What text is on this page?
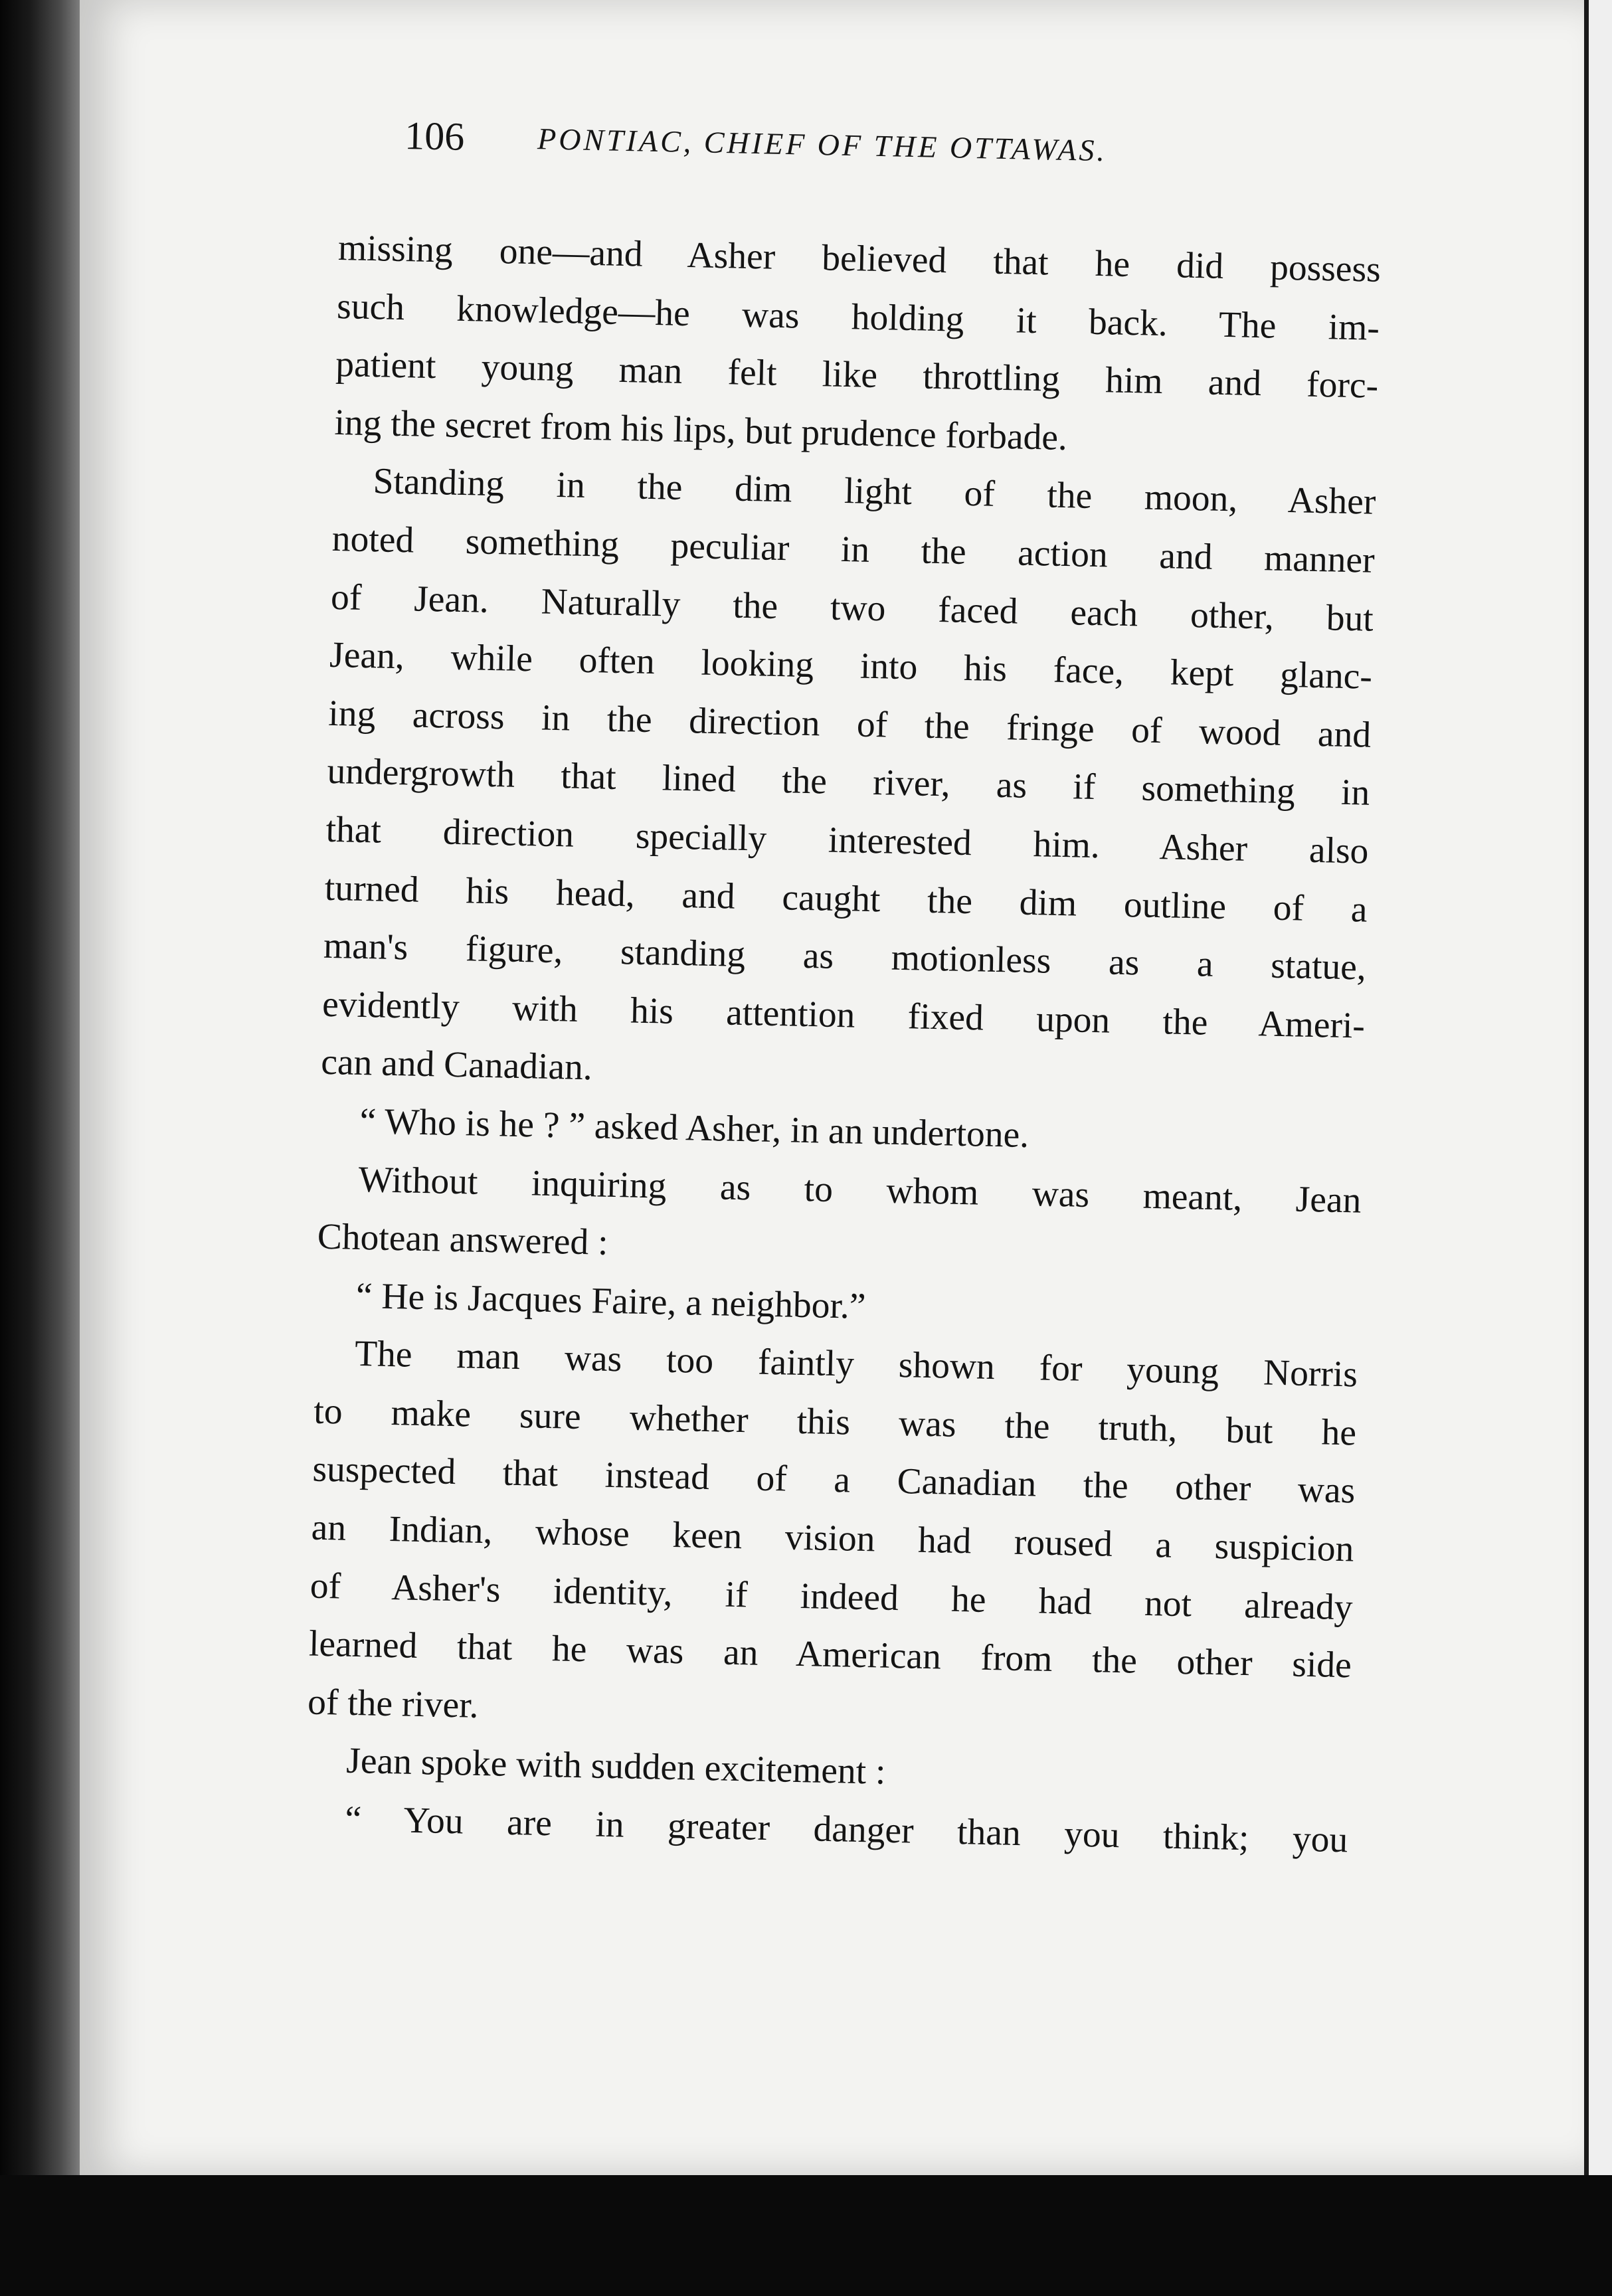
106 PONTIAC, CHIEF OF THE OTTAWAS.
missing one—and Asher believed that he did possess
such knowledge—he was holding it back. The im-
patient young man felt like throttling him and forc-
ing the secret from his lips, but prudence forbade.
Standing in the dim light of the moon, Asher
noted something peculiar in the action and manner
of Jean. Naturally the two faced each other, but
Jean, while often looking into his face, kept glanc-
ing across in the direction of the fringe of wood and
undergrowth that lined the river, as if something in
that direction specially interested him. Asher also
turned his head, and caught the dim outline of a
man's figure, standing as motionless as a statue,
evidently with his attention fixed upon the Ameri-
can and Canadian.
“ Who is he ? ” asked Asher, in an undertone.
Without inquiring as to whom was meant, Jean
Chotean answered :
“ He is Jacques Faire, a neighbor.”
The man was too faintly shown for young Norris
to make sure whether this was the truth, but he
suspected that instead of a Canadian the other was
an Indian, whose keen vision had roused a suspicion
of Asher's identity, if indeed he had not already
learned that he was an American from the other side
of the river.
Jean spoke with sudden excitement :
“ You are in greater danger than you think; you
